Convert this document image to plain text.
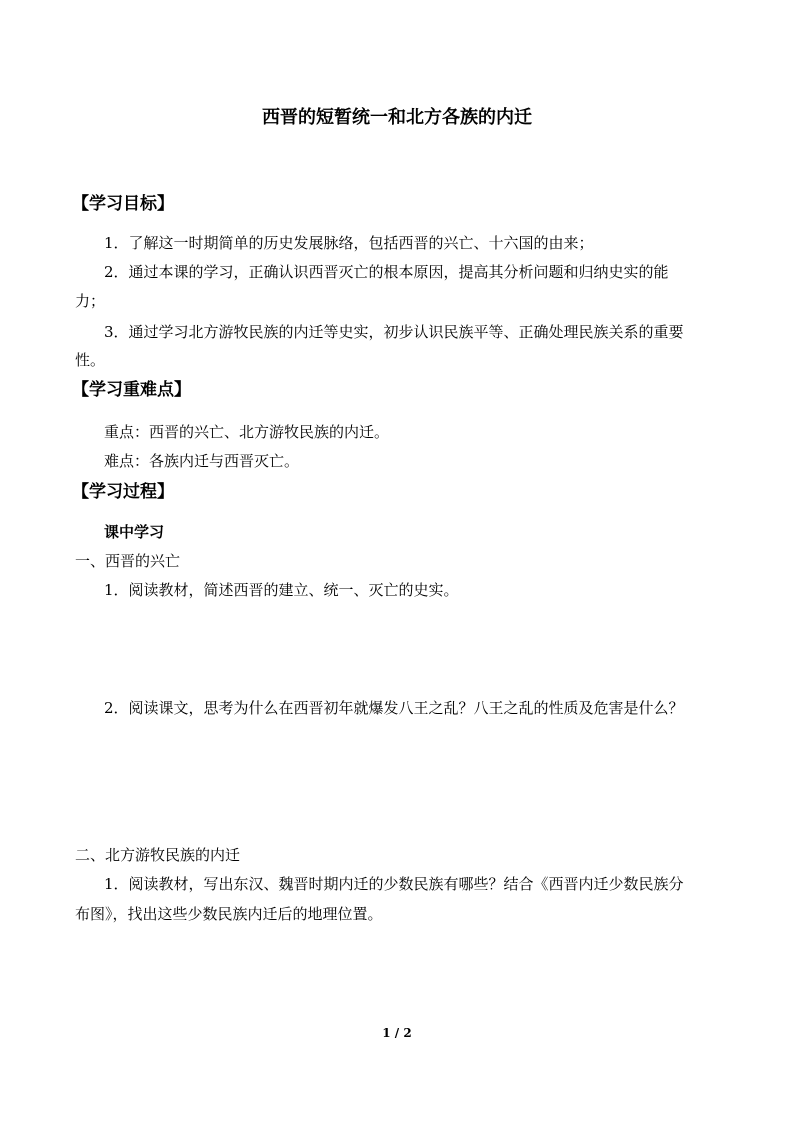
西晋的短暂统一和北方各族的内迁
【学习目标】
1．了解这一时期简单的历史发展脉络，包括西晋的兴亡、十六国的由来；
2．通过本课的学习，正确认识西晋灭亡的根本原因，提高其分析问题和归纳史实的能
力；
3．通过学习北方游牧民族的内迁等史实，初步认识民族平等、正确处理民族关系的重要
性。
【学习重难点】
重点：西晋的兴亡、北方游牧民族的内迁。
难点：各族内迁与西晋灭亡。
【学习过程】
课中学习
一、西晋的兴亡
1．阅读教材，简述西晋的建立、统一、灭亡的史实。
2．阅读课文，思考为什么在西晋初年就爆发八王之乱？八王之乱的性质及危害是什么？
二、北方游牧民族的内迁
1．阅读教材，写出东汉、魏晋时期内迁的少数民族有哪些？结合《西晋内迁少数民族分
布图》，找出这些少数民族内迁后的地理位置。
1 / 2
